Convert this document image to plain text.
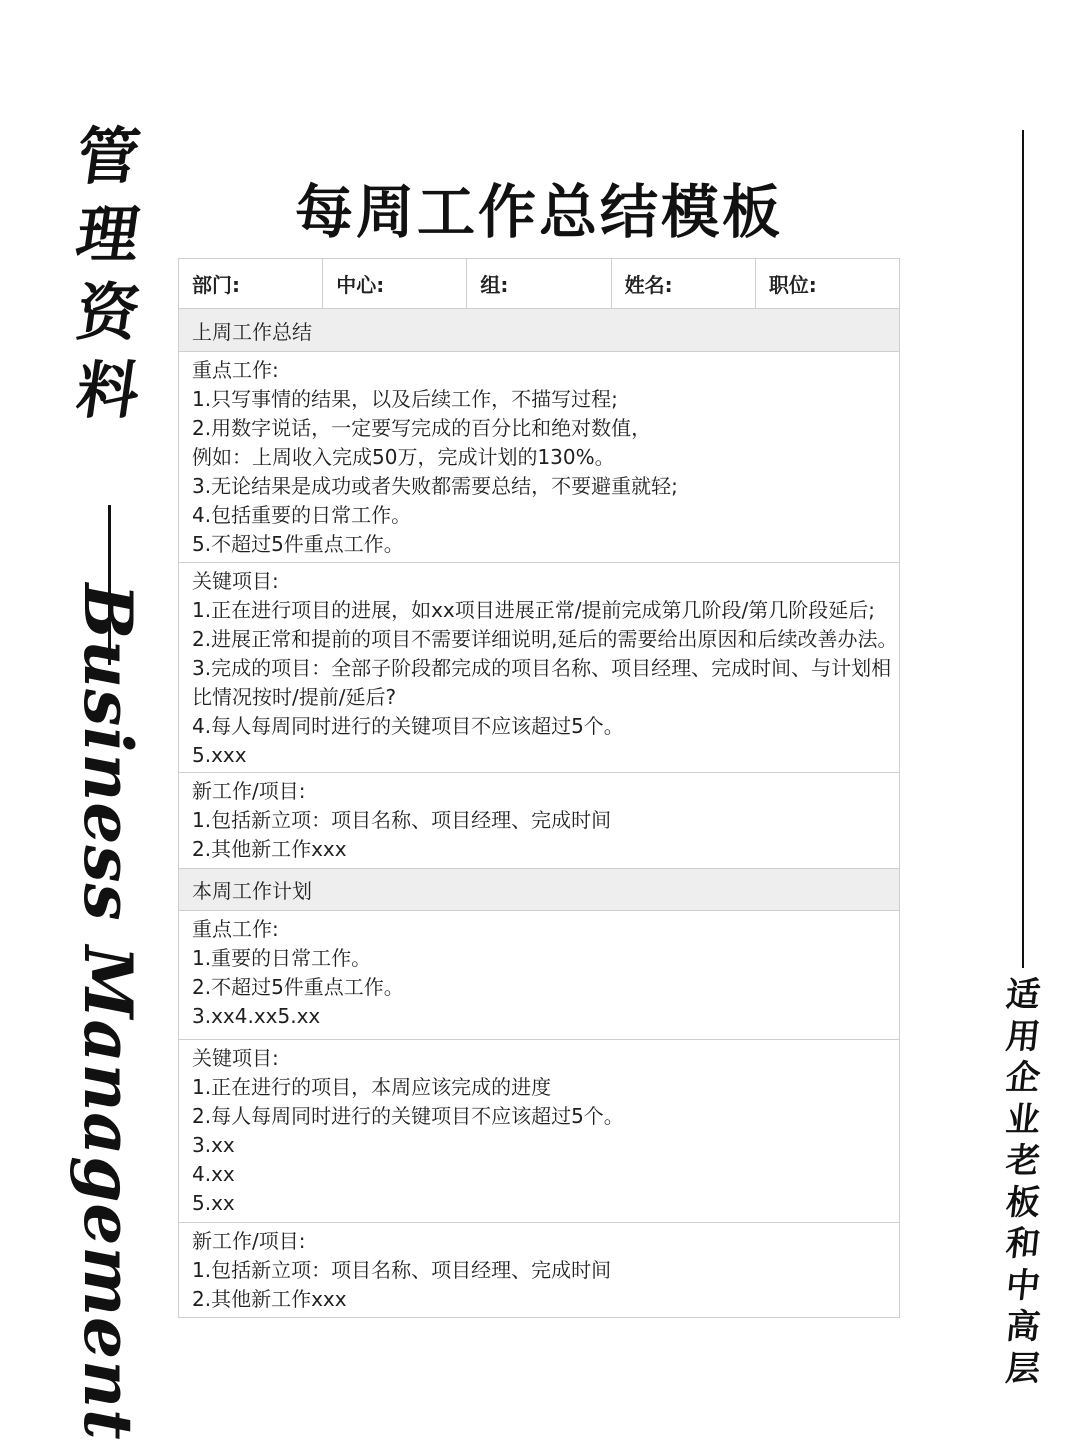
管
理
资
料
Business Management	适
用
企
业
老
板
和
中
高
层
每周工作总结模板
部门:	中心:	组:	姓名:	职位:
上周工作总结
重点工作:
1.只写事情的结果，以及后续工作，不描写过程;
2.用数字说话，一定要写完成的百分比和绝对数值，
例如：上周收入完成50万，完成计划的130%。
3.无论结果是成功或者失败都需要总结，不要避重就轻;
4.包括重要的日常工作。
5.不超过5件重点工作。
关键项目:
1.正在进行项目的进展，如xx项目进展正常/提前完成第几阶段/第几阶段延后;
2.进展正常和提前的项目不需要详细说明,延后的需要给出原因和后续改善办法。
3.完成的项目：全部子阶段都完成的项目名称、项目经理、完成时间、与计划相
比情况按时/提前/延后?
4.每人每周同时进行的关键项目不应该超过5个。
5.xxx
新工作/项目:
1.包括新立项：项目名称、项目经理、完成时间
2.其他新工作xxx
本周工作计划
重点工作:
1.重要的日常工作。
2.不超过5件重点工作。
3.xx4.xx5.xx
关键项目:
1.正在进行的项目，本周应该完成的进度
2.每人每周同时进行的关键项目不应该超过5个。
3.xx
4.xx
5.xx
新工作/项目:
1.包括新立项：项目名称、项目经理、完成时间
2.其他新工作xxx
